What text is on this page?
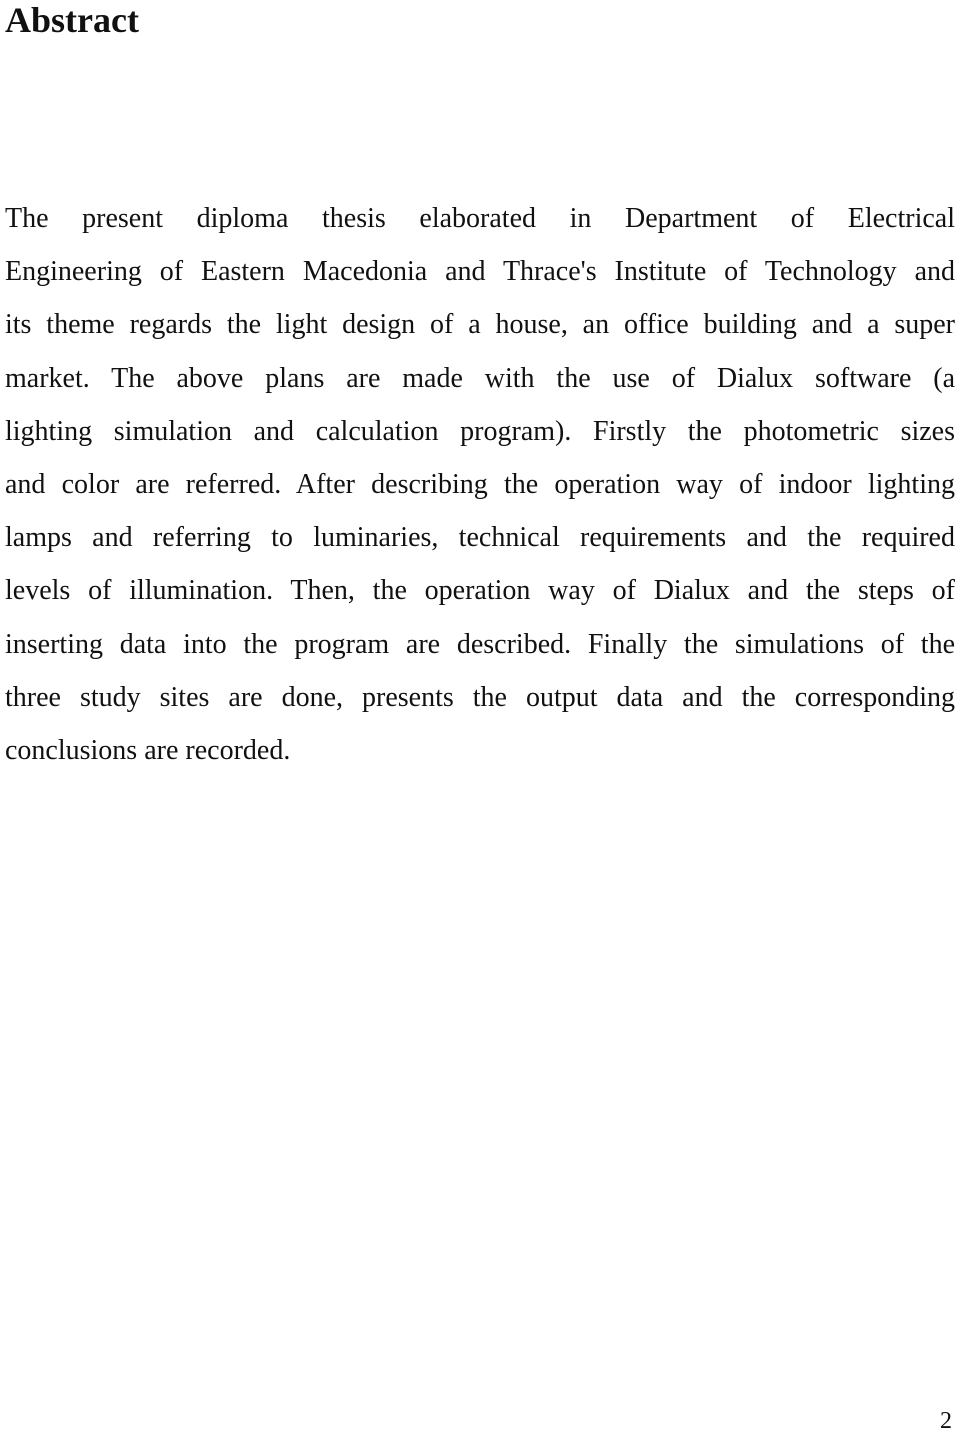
Abstract
The present diploma thesis elaborated in Department of Electrical
Engineering of Eastern Macedonia and Thrace's Institute of Technology and
its theme regards the light design of a house, an office building and a super
market. The above plans are made with the use of Dialux software (a
lighting simulation and calculation program). Firstly the photometric sizes
and color are referred. After describing the operation way of indoor lighting
lamps and referring to luminaries, technical requirements and the required
levels of illumination. Then, the operation way of Dialux and the steps of
inserting data into the program are described. Finally the simulations of the
three study sites are done, presents the output data and the corresponding
conclusions are recorded.
2
